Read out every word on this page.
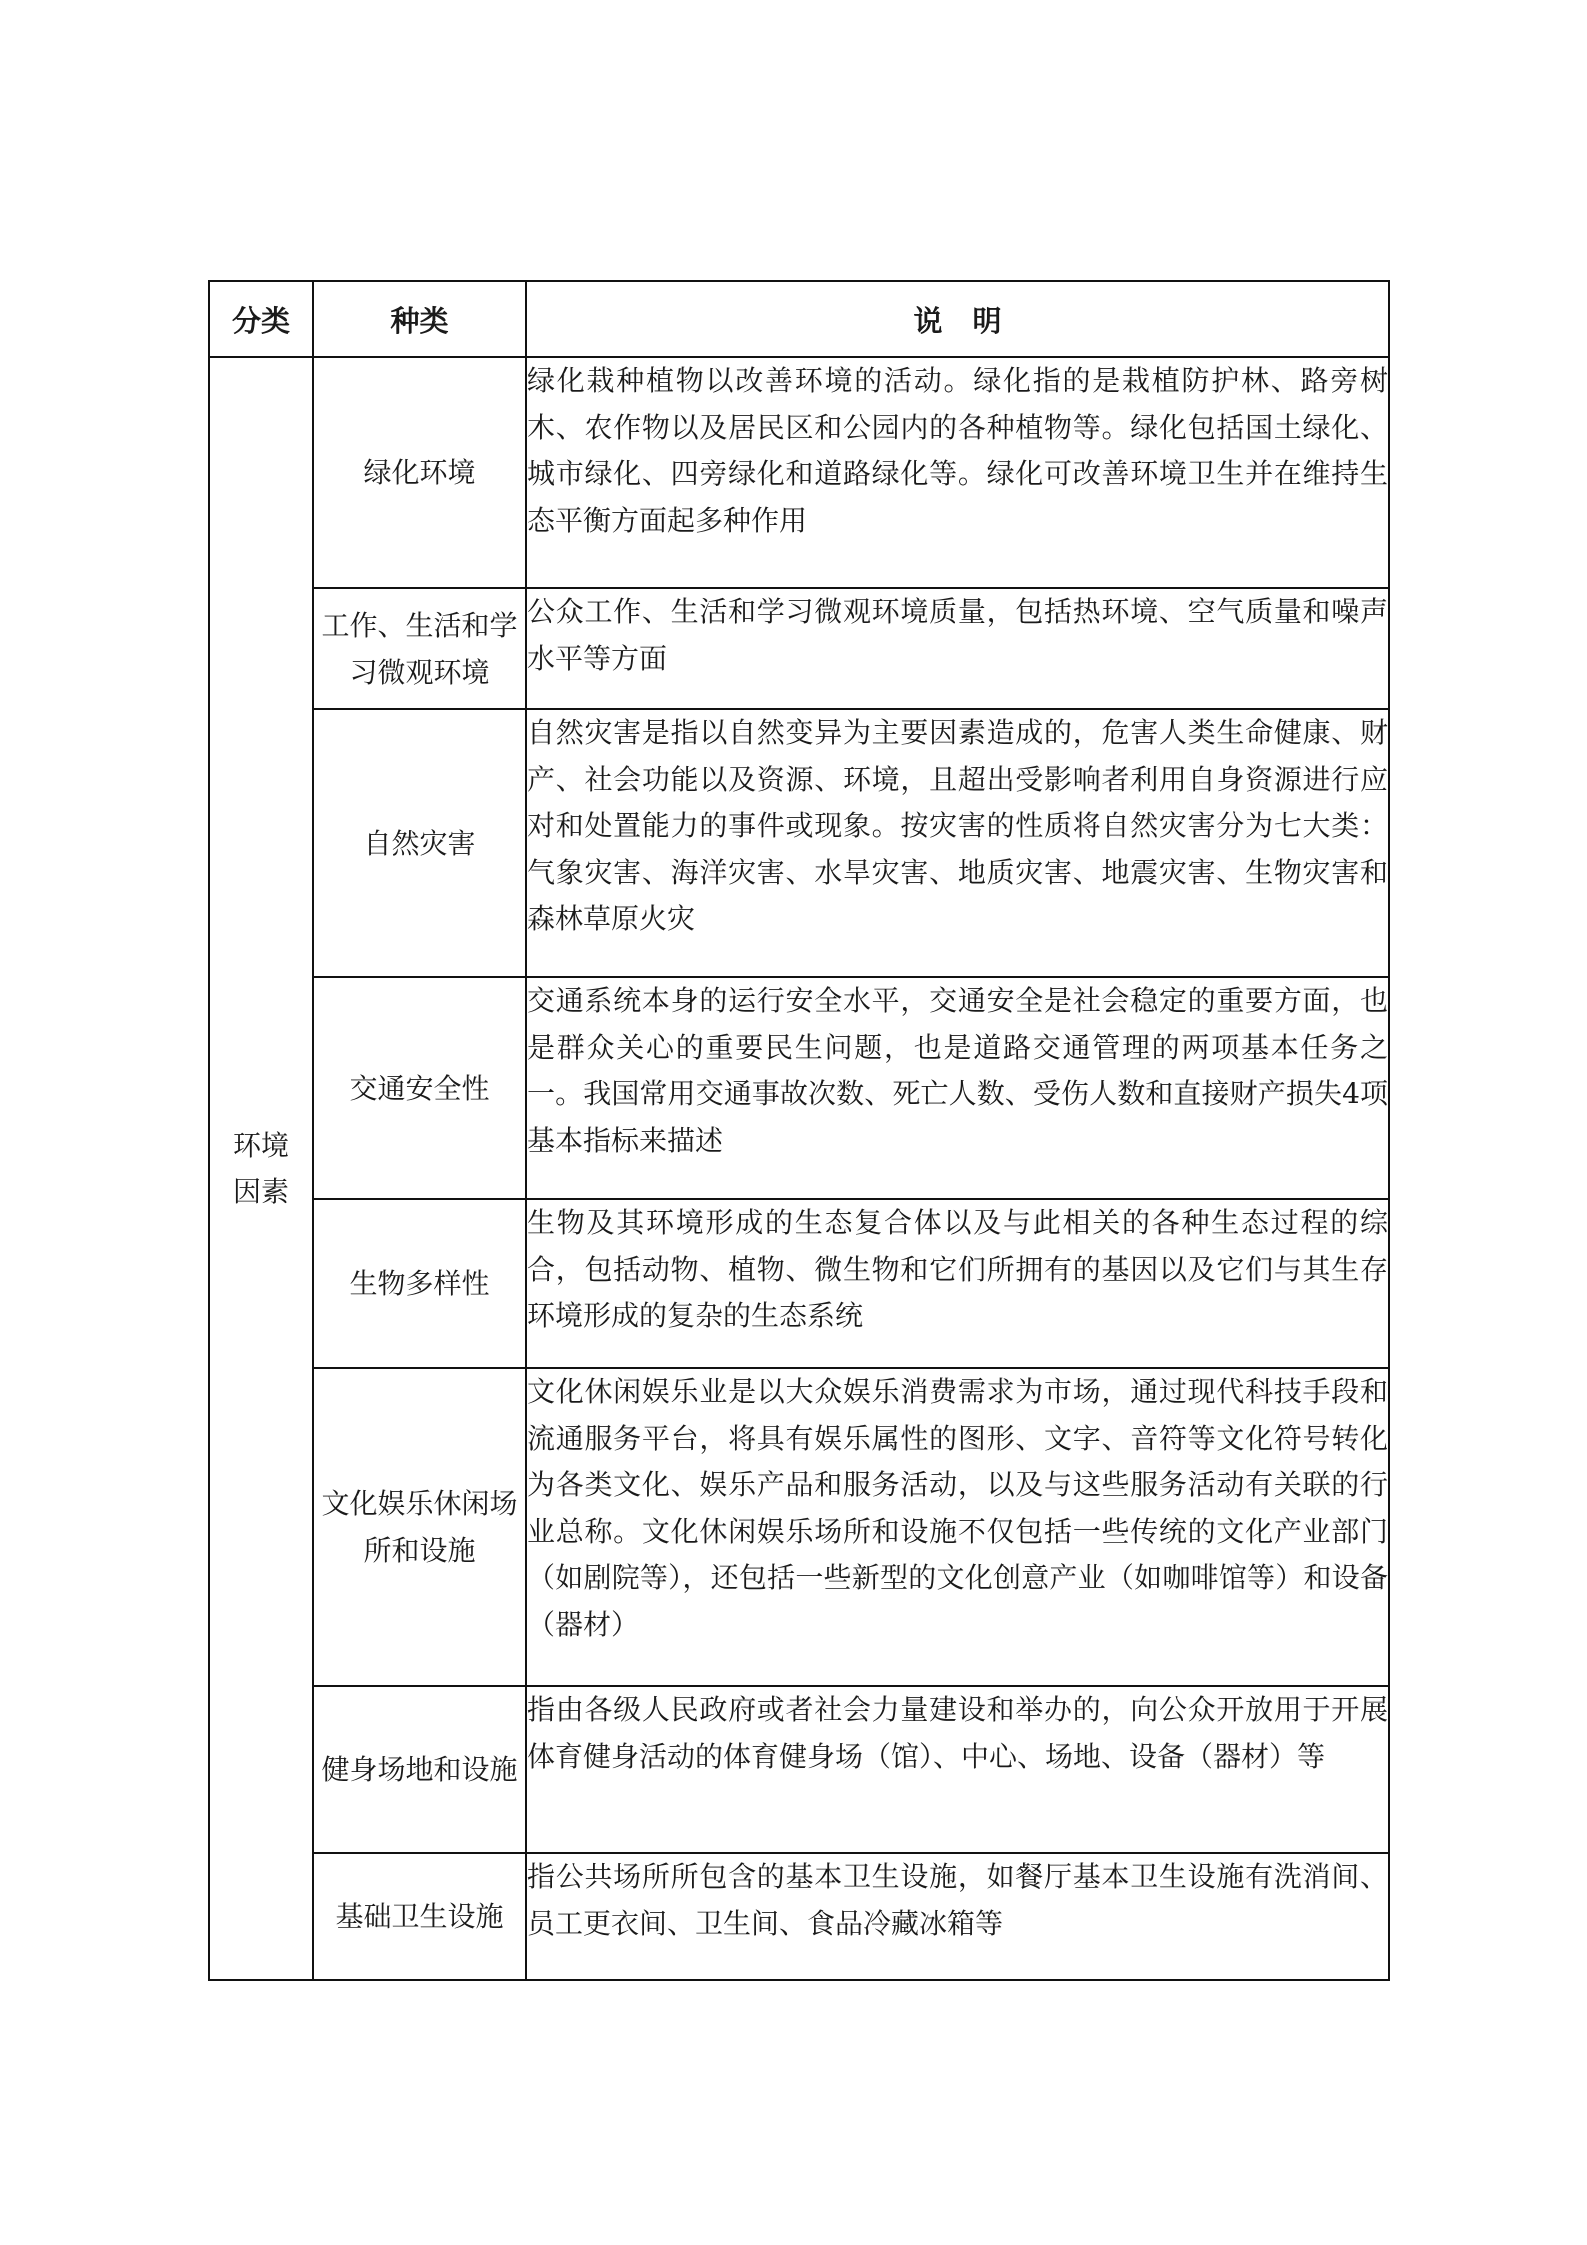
分类	种类	说明
环境因素	绿化环境	绿化栽种植物以改善环境的活动。绿化指的是栽植防护林、路旁树木、农作物以及居民区和公园内的各种植物等。绿化包括国土绿化、城市绿化、四旁绿化和道路绿化等。绿化可改善环境卫生并在维持生态平衡方面起多种作用
	工作、生活和学习微观环境	公众工作、生活和学习微观环境质量，包括热环境、空气质量和噪声水平等方面
	自然灾害	自然灾害是指以自然变异为主要因素造成的，危害人类生命健康、财产、社会功能以及资源、环境，且超出受影响者利用自身资源进行应对和处置能力的事件或现象。按灾害的性质将自然灾害分为七大类：气象灾害、海洋灾害、水旱灾害、地质灾害、地震灾害、生物灾害和森林草原火灾
	交通安全性	交通系统本身的运行安全水平，交通安全是社会稳定的重要方面，也是群众关心的重要民生问题，也是道路交通管理的两项基本任务之一。我国常用交通事故次数、死亡人数、受伤人数和直接财产损失4项基本指标来描述
	生物多样性	生物及其环境形成的生态复合体以及与此相关的各种生态过程的综合，包括动物、植物、微生物和它们所拥有的基因以及它们与其生存环境形成的复杂的生态系统
	文化娱乐休闲场所和设施	文化休闲娱乐业是以大众娱乐消费需求为市场，通过现代科技手段和流通服务平台，将具有娱乐属性的图形、文字、音符等文化符号转化为各类文化、娱乐产品和服务活动，以及与这些服务活动有关联的行业总称。文化休闲娱乐场所和设施不仅包括一些传统的文化产业部门（如剧院等），还包括一些新型的文化创意产业（如咖啡馆等）和设备（器材）
	健身场地和设施	指由各级人民政府或者社会力量建设和举办的，向公众开放用于开展体育健身活动的体育健身场（馆）、中心、场地、设备（器材）等
	基础卫生设施	指公共场所所包含的基本卫生设施，如餐厅基本卫生设施有洗消间、员工更衣间、卫生间、食品冷藏冰箱等
